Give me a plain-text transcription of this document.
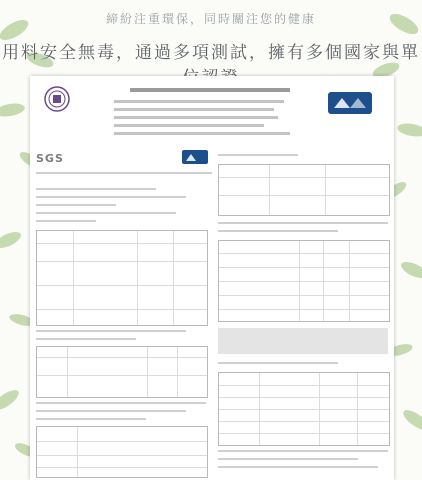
締紛注重環保，同時關注您的健康
用料安全無毒，通過多項測試，擁有多個國家與單
SGS
